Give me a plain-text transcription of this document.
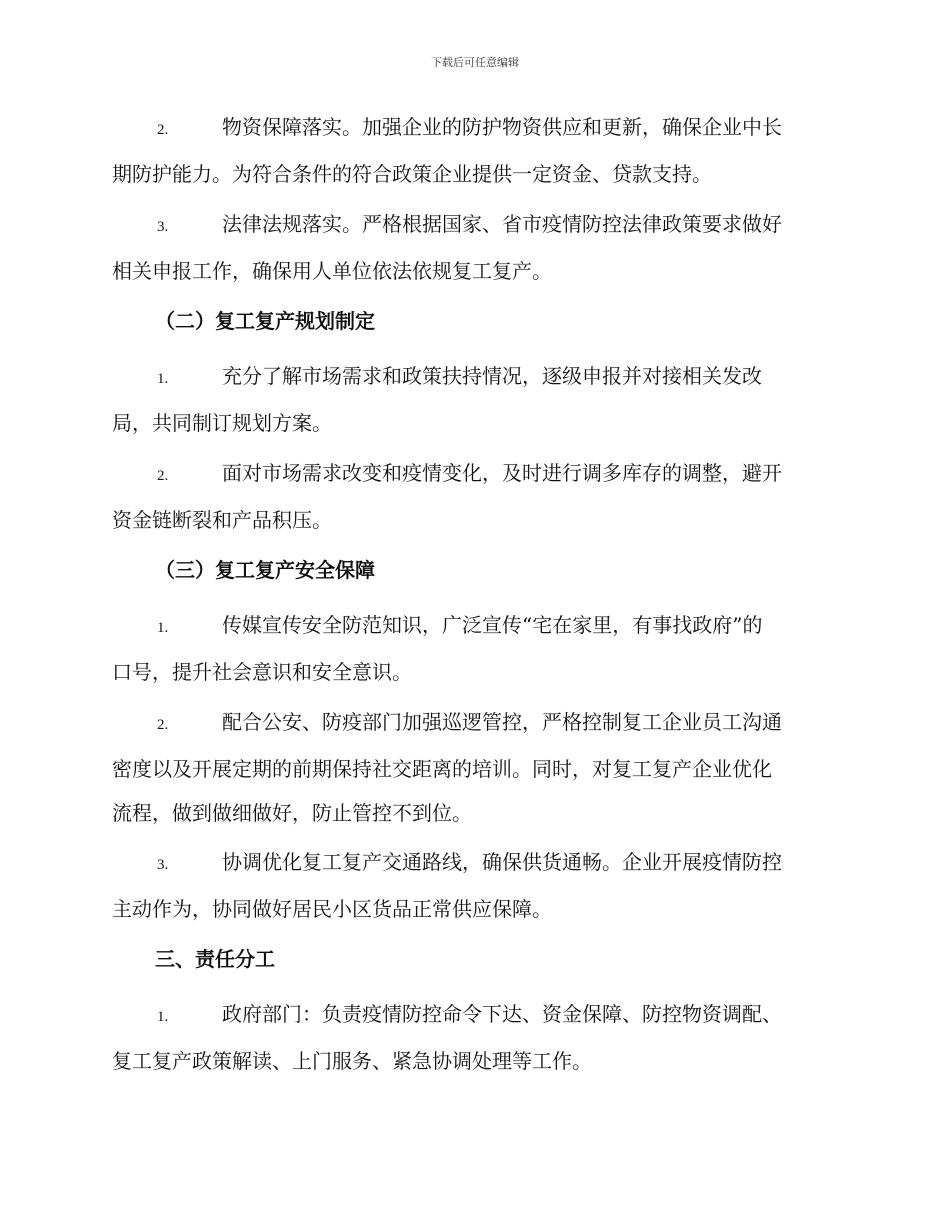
下载后可任意编辑
2.	物资保障落实。加强企业的防护物资供应和更新，确保企业中长
期防护能力。为符合条件的符合政策企业提供一定资金、贷款支持。
3.	法律法规落实。严格根据国家、省市疫情防控法律政策要求做好
相关申报工作，确保用人单位依法依规复工复产。
（二）复工复产规划制定
1.	充分了解市场需求和政策扶持情况，逐级申报并对接相关发改
局，共同制订规划方案。
2.	面对市场需求改变和疫情变化，及时进行调多库存的调整，避开
资金链断裂和产品积压。
（三）复工复产安全保障
1.	传媒宣传安全防范知识，广泛宣传“宅在家里，有事找政府”的
口号，提升社会意识和安全意识。
2.	配合公安、防疫部门加强巡逻管控，严格控制复工企业员工沟通
密度以及开展定期的前期保持社交距离的培训。同时，对复工复产企业优化
流程，做到做细做好，防止管控不到位。
3.	协调优化复工复产交通路线，确保供货通畅。企业开展疫情防控
主动作为，协同做好居民小区货品正常供应保障。
三、责任分工
1.	政府部门：负责疫情防控命令下达、资金保障、防控物资调配、
复工复产政策解读、上门服务、紧急协调处理等工作。
